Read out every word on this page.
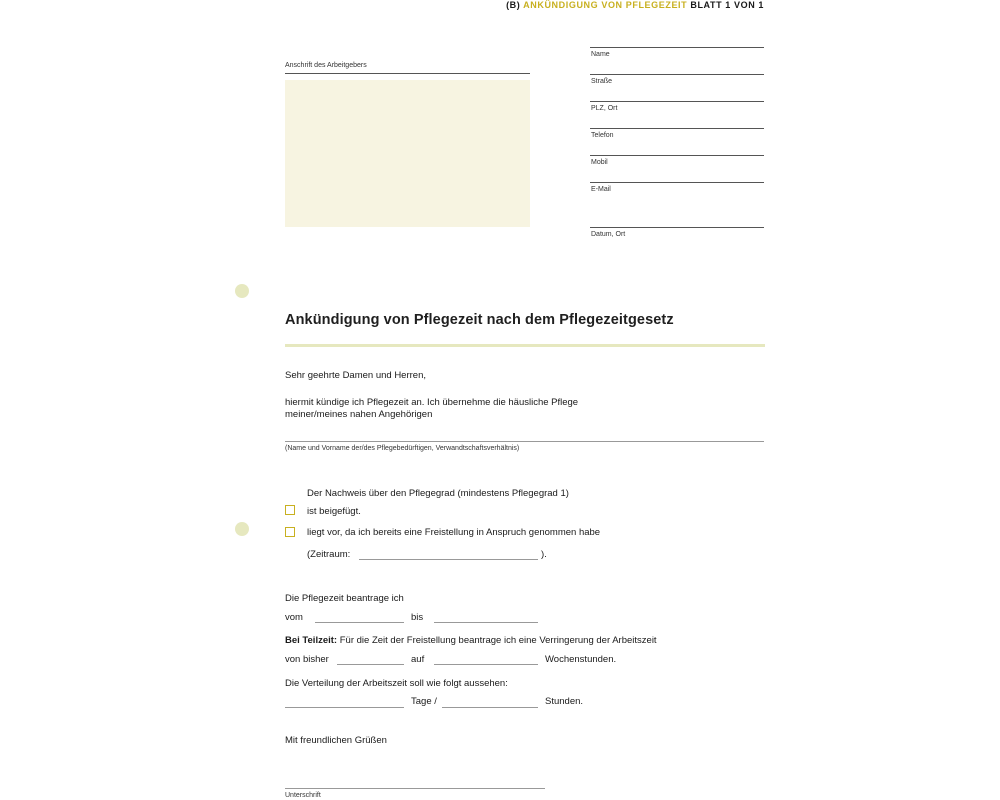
(B) ANKÜNDIGUNG VON PFLEGEZEIT BLATT 1 VON 1
Anschrift des Arbeitgebers
Name
Straße
PLZ, Ort
Telefon
Mobil
E-Mail
Datum, Ort
Ankündigung von Pflegezeit nach dem Pflegezeitgesetz
Sehr geehrte Damen und Herren,
hiermit kündige ich Pflegezeit an. Ich übernehme die häusliche Pflege
meiner/meines nahen Angehörigen
(Name und Vorname der/des Pflegebedürftigen, Verwandtschaftsverhältnis)
Der Nachweis über den Pflegegrad (mindestens Pflegegrad 1)
ist beigefügt.
liegt vor, da ich bereits eine Freistellung in Anspruch genommen habe
(Zeitraum:	).
Die Pflegezeit beantrage ich
vom	bis
Bei Teilzeit: Für die Zeit der Freistellung beantrage ich eine Verringerung der Arbeitszeit
von bisher	auf	Wochenstunden.
Die Verteilung der Arbeitszeit soll wie folgt aussehen:
Tage /	Stunden.
Mit freundlichen Grüßen
Unterschrift
